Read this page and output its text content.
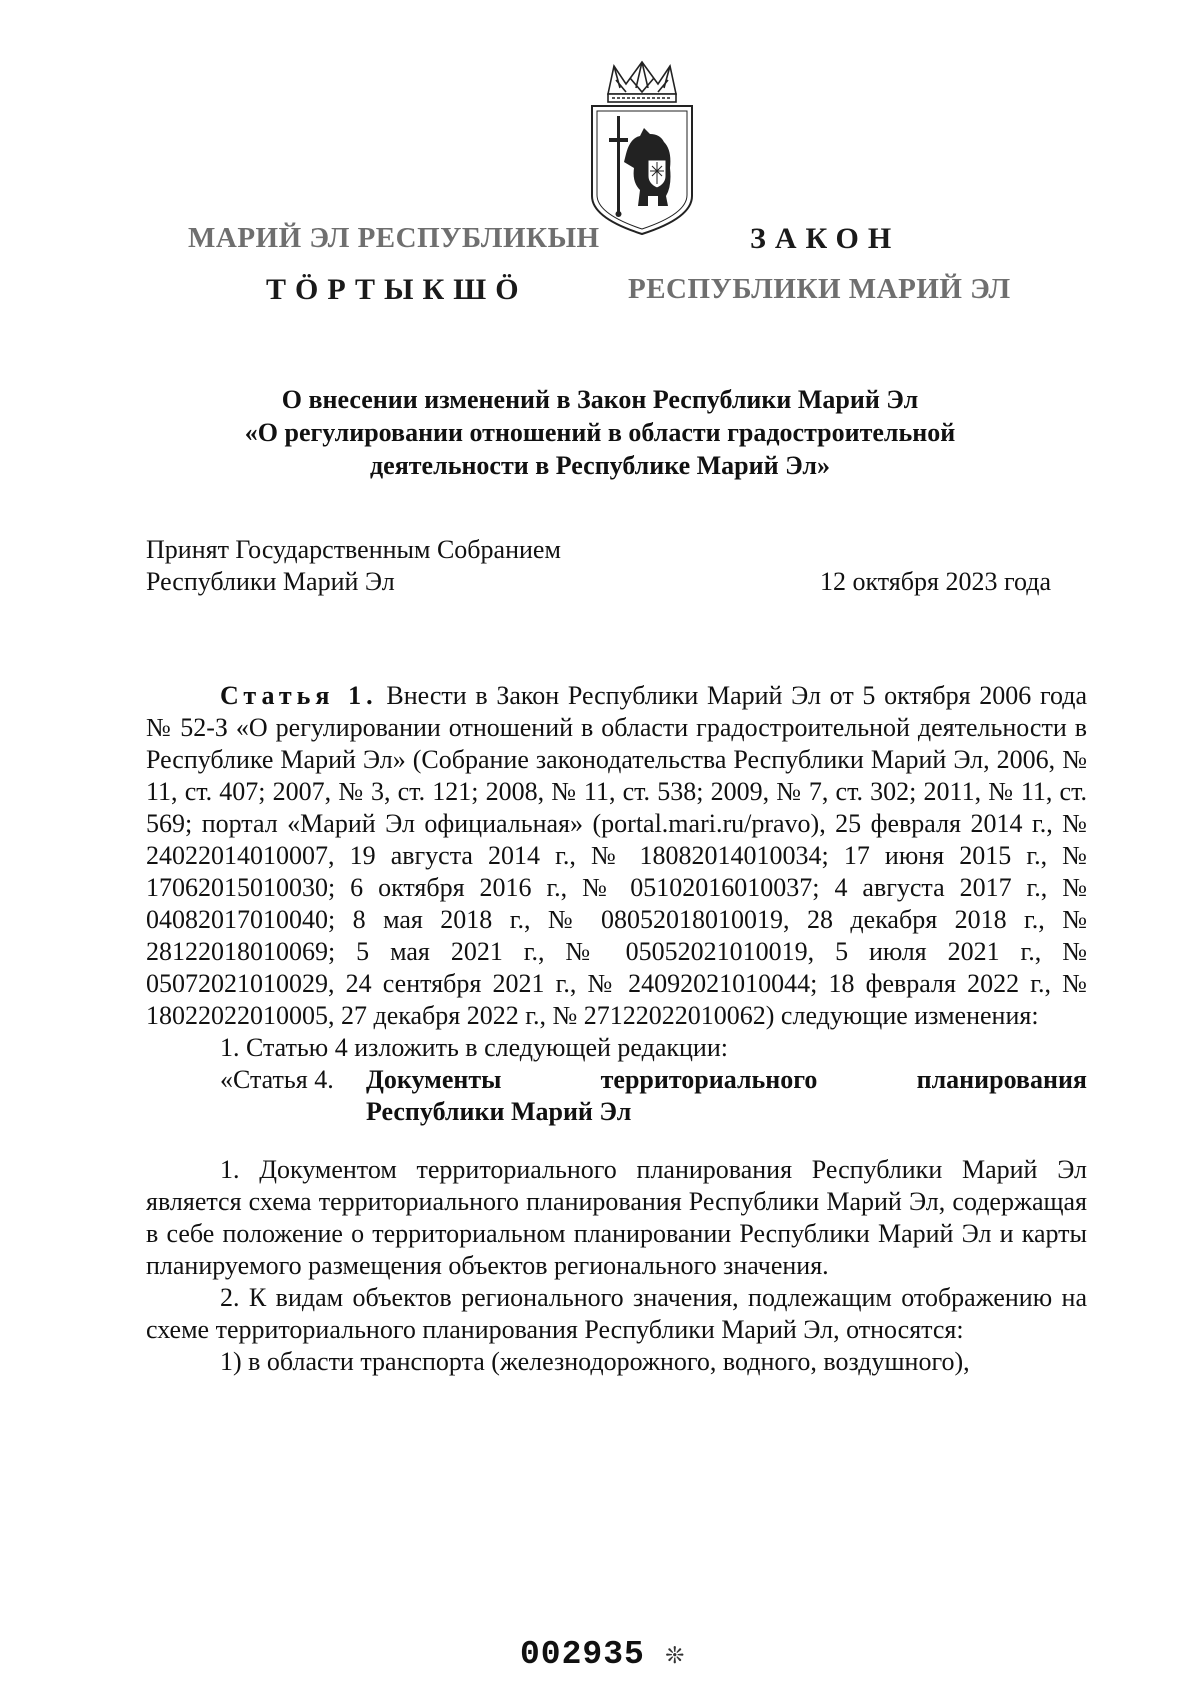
МАРИЙ ЭЛ РЕСПУБЛИКЫН
ТӦРТЫКШӦ
ЗАКОН
РЕСПУБЛИКИ МАРИЙ ЭЛ
О внесении изменений в Закон Республики Марий Эл
«О регулировании отношений в области градостроительной
деятельности в Республике Марий Эл»
Принят Государственным Собранием
Республики Марий Эл	12 октября 2023 года
Статья 1. Внести в Закон Республики Марий Эл от 5 октября 2006 года № 52-З «О регулировании отношений в области градостроительной деятельности в Республике Марий Эл» (Собрание законодательства Республики Марий Эл, 2006, № 11, ст. 407; 2007, № 3, ст. 121; 2008, № 11, ст. 538; 2009, № 7, ст. 302; 2011, № 11, ст. 569; портал «Марий Эл официальная» (portal.mari.ru/pravo), 25 февраля 2014 г., № 24022014010007, 19 августа 2014 г., № 18082014010034; 17 июня 2015 г., № 17062015010030; 6 октября 2016 г., № 05102016010037; 4 августа 2017 г., № 04082017010040; 8 мая 2018 г., № 08052018010019, 28 декабря 2018 г., № 28122018010069; 5 мая 2021 г., № 05052021010019, 5 июля 2021 г., № 05072021010029, 24 сентября 2021 г., № 24092021010044; 18 февраля 2022 г., № 18022022010005, 27 декабря 2022 г., № 27122022010062) следующие изменения:
1. Статью 4 изложить в следующей редакции:
«Статья 4.	Документы территориального планирования
Республики Марий Эл
1. Документом территориального планирования Республики Марий Эл является схема территориального планирования Республики Марий Эл, содержащая в себе положение о территориальном планировании Республики Марий Эл и карты планируемого размещения объектов регионального значения.
2. К видам объектов регионального значения, подлежащим отображению на схеме территориального планирования Республики Марий Эл, относятся:
1) в области транспорта (железнодорожного, водного, воздушного),
002935 ❊
